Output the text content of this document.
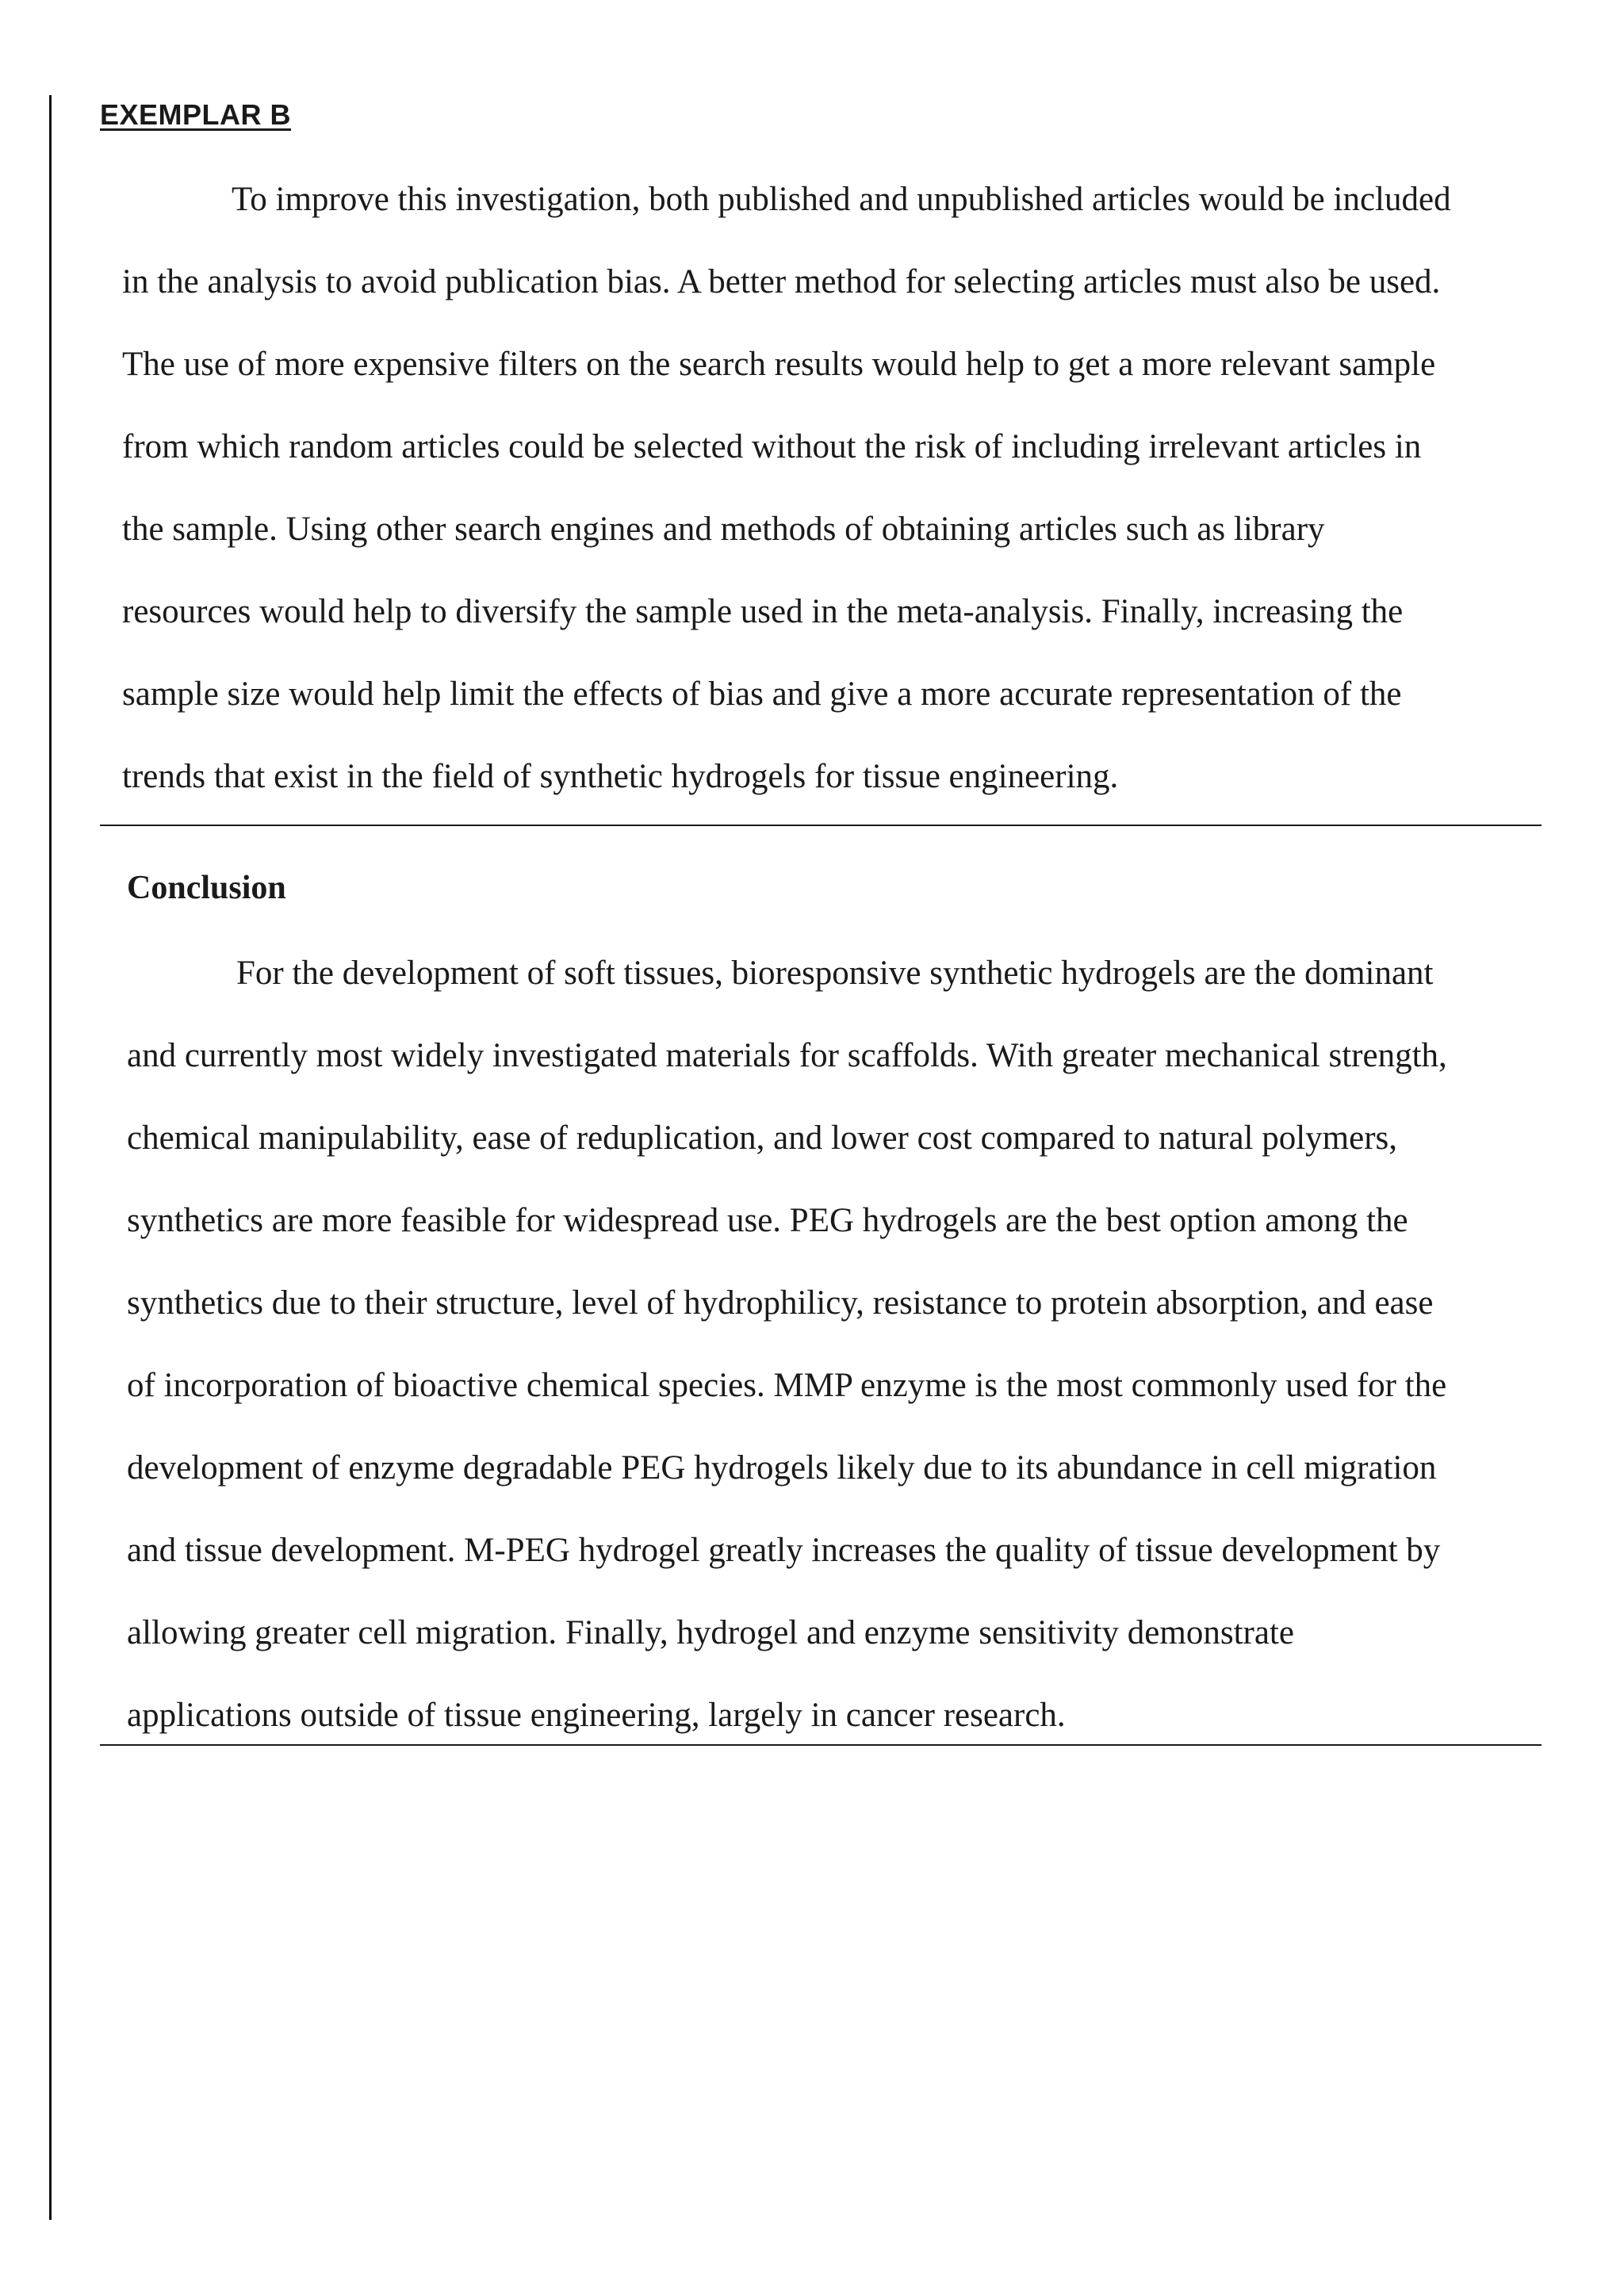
EXEMPLAR B
To improve this investigation, both published and unpublished articles would be included
in the analysis to avoid publication bias. A better method for selecting articles must also be used.
The use of more expensive filters on the search results would help to get a more relevant sample
from which random articles could be selected without the risk of including irrelevant articles in
the sample. Using other search engines and methods of obtaining articles such as library
resources would help to diversify the sample used in the meta-analysis. Finally, increasing the
sample size would help limit the effects of bias and give a more accurate representation of the
trends that exist in the field of synthetic hydrogels for tissue engineering.
Conclusion
For the development of soft tissues, bioresponsive synthetic hydrogels are the dominant
and currently most widely investigated materials for scaffolds. With greater mechanical strength,
chemical manipulability, ease of reduplication, and lower cost compared to natural polymers,
synthetics are more feasible for widespread use. PEG hydrogels are the best option among the
synthetics due to their structure, level of hydrophilicy, resistance to protein absorption, and ease
of incorporation of bioactive chemical species. MMP enzyme is the most commonly used for the
development of enzyme degradable PEG hydrogels likely due to its abundance in cell migration
and tissue development. M-PEG hydrogel greatly increases the quality of tissue development by
allowing greater cell migration. Finally, hydrogel and enzyme sensitivity demonstrate
applications outside of tissue engineering, largely in cancer research.
